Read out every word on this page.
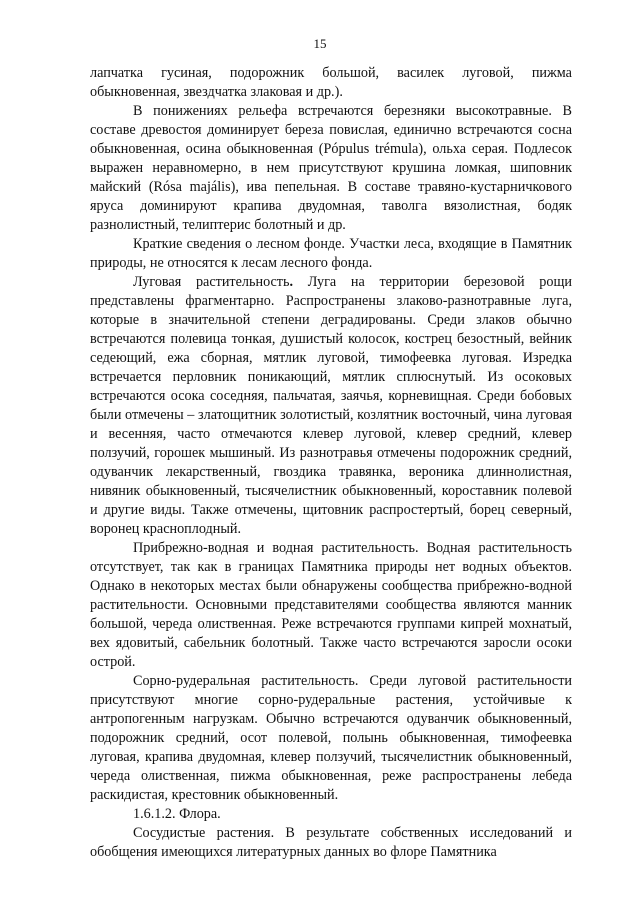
15

лапчатка гусиная, подорожник большой, василек луговой, пижма обыкновенная, звездчатка злаковая и др.).

В понижениях рельефа встречаются березняки высокотравные. В составе древостоя доминирует береза повислая, единично встречаются сосна обыкновенная, осина обыкновенная (Pópulus trémula), ольха серая. Подлесок выражен неравномерно, в нем присутствуют крушина ломкая, шиповник майский (Rósa majális), ива пепельная. В составе травяно-кустарничкового яруса доминируют крапива двудомная, таволга вязолистная, бодяк разнолистный, телиптерис болотный и др.

Краткие сведения о лесном фонде. Участки леса, входящие в Памятник природы, не относятся к лесам лесного фонда.

Луговая растительность. Луга на территории березовой рощи представлены фрагментарно. Распространены злаково-разнотравные луга, которые в значительной степени деградированы. Среди злаков обычно встречаются полевица тонкая, душистый колосок, кострец безостный, вейник седеющий, ежа сборная, мятлик луговой, тимофеевка луговая. Изредка встречается перловник поникающий, мятлик сплюснутый. Из осоковых встречаются осока соседняя, пальчатая, заячья, корневищная. Среди бобовых были отмечены – златощитник золотистый, козлятник восточный, чина луговая и весенняя, часто отмечаются клевер луговой, клевер средний, клевер ползучий, горошек мышиный. Из разнотравья отмечены подорожник средний, одуванчик лекарственный, гвоздика травянка, вероника длиннолистная, нивяник обыкновенный, тысячелистник обыкновенный, короставник полевой и другие виды. Также отмечены, щитовник распростертый, борец северный, воронец краснoплодный.

Прибрежно-водная и водная растительность. Водная растительность отсутствует, так как в границах Памятника природы нет водных объектов. Однако в некоторых местах были обнаружены сообщества прибрежно-водной растительности. Основными представителями сообщества являются манник большой, череда олиственная. Реже встречаются группами кипрей мохнатый, вех ядовитый, сабельник болотный. Также часто встречаются заросли осоки острой.

Сорно-рудеральная растительность. Среди луговой растительности присутствуют многие сорно-рудеральные растения, устойчивые к антропогенным нагрузкам. Обычно встречаются одуванчик обыкновенный, подорожник средний, осот полевой, полынь обыкновенная, тимофеевка луговая, крапива двудомная, клевер ползучий, тысячелистник обыкновенный, череда олиственная, пижма обыкновенная, реже распространены лебеда раскидистая, крестовник обыкновенный.

1.6.1.2. Флора.

Сосудистые растения. В результате собственных исследований и обобщения имеющихся литературных данных во флоре Памятника
